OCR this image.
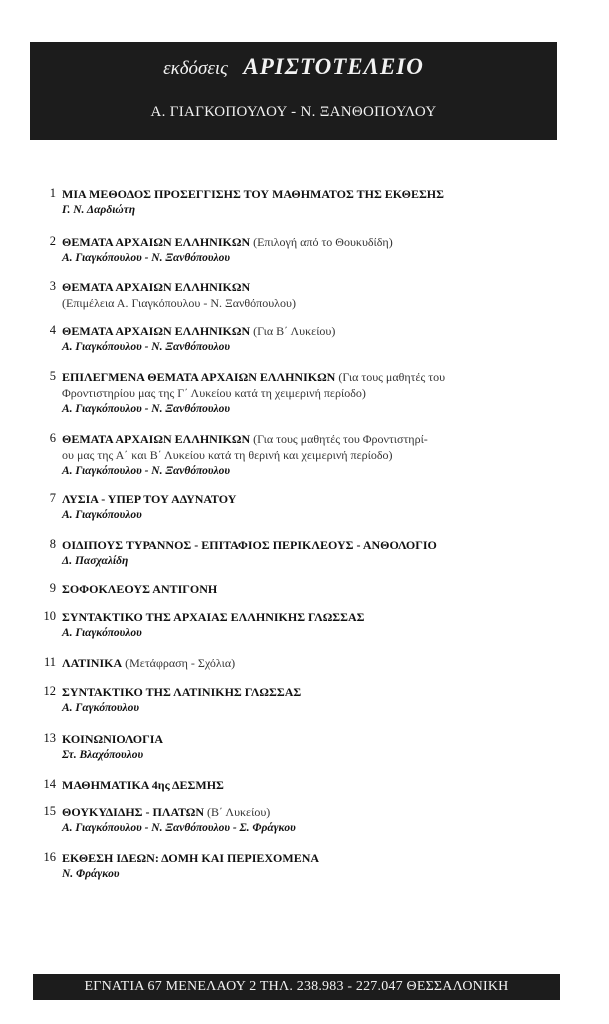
εκδόσεις ΑΡΙΣΤΟΤΕΛΕΙΟ
Α. ΓΙΑΓΚΟΠΟΥΛΟΥ - Ν. ΞΑΝΘΟΠΟΥΛΟΥ
1 ΜΙΑ ΜΕΘΟΔΟΣ ΠΡΟΣΕΓΓΙΣΗΣ ΤΟΥ ΜΑΘΗΜΑΤΟΣ ΤΗΣ ΕΚΘΕΣΗΣ
Γ. Ν. Δαρδιώτη
2 ΘΕΜΑΤΑ ΑΡΧΑΙΩΝ ΕΛΛΗΝΙΚΩΝ (Επιλογή από το Θουκυδίδη)
Α. Γιαγκόπουλου - Ν. Ξανθόπουλου
3 ΘΕΜΑΤΑ ΑΡΧΑΙΩΝ ΕΛΛΗΝΙΚΩΝ
(Επιμέλεια Α. Γιαγκόπουλου - Ν. Ξανθόπουλου)
4 ΘΕΜΑΤΑ ΑΡΧΑΙΩΝ ΕΛΛΗΝΙΚΩΝ (Για Β΄ Λυκείου)
Α. Γιαγκόπουλου - Ν. Ξανθόπουλου
5 ΕΠΙΛΕΓΜΕΝΑ ΘΕΜΑΤΑ ΑΡΧΑΙΩΝ ΕΛΛΗΝΙΚΩΝ (Για τους μαθητές του
Φροντιστηρίου μας της Γ΄ Λυκείου κατά τη χειμερινή περίοδο)
Α. Γιαγκόπουλου - Ν. Ξανθόπουλου
6 ΘΕΜΑΤΑ ΑΡΧΑΙΩΝ ΕΛΛΗΝΙΚΩΝ (Για τους μαθητές του Φροντιστηρί-
ου μας της Α΄ και Β΄ Λυκείου κατά τη θερινή και χειμερινή περίοδο)
Α. Γιαγκόπουλου - Ν. Ξανθόπουλου
7 ΛΥΣΙΑ - ΥΠΕΡ ΤΟΥ ΑΔΥΝΑΤΟΥ
Α. Γιαγκόπουλου
8 ΟΙΔΙΠΟΥΣ ΤΥΡΑΝΝΟΣ - ΕΠΙΤΑΦΙΟΣ ΠΕΡΙΚΛΕΟΥΣ - ΑΝΘΟΛΟΓΙΟ
Δ. Πασχαλίδη
9 ΣΟΦΟΚΛΕΟΥΣ ΑΝΤΙΓΟΝΗ
10 ΣΥΝΤΑΚΤΙΚΟ ΤΗΣ ΑΡΧΑΙΑΣ ΕΛΛΗΝΙΚΗΣ ΓΛΩΣΣΑΣ
Α. Γιαγκόπουλου
11 ΛΑΤΙΝΙΚΑ (Μετάφραση - Σχόλια)
12 ΣΥΝΤΑΚΤΙΚΟ ΤΗΣ ΛΑΤΙΝΙΚΗΣ ΓΛΩΣΣΑΣ
Α. Γαγκόπουλου
13 ΚΟΙΝΩΝΙΟΛΟΓΙΑ
Στ. Βλαχόπουλου
14 ΜΑΘΗΜΑΤΙΚΑ 4ης ΔΕΣΜΗΣ
15 ΘΟΥΚΥΔΙΔΗΣ - ΠΛΑΤΩΝ (Β΄ Λυκείου)
Α. Γιαγκόπουλου - Ν. Ξανθόπουλου - Σ. Φράγκου
16 ΕΚΘΕΣΗ ΙΔΕΩΝ: ΔΟΜΗ ΚΑΙ ΠΕΡΙΕΧΟΜΕΝΑ
Ν. Φράγκου
ΕΓΝΑΤΙΑ 67 ΜΕΝΕΛΑΟΥ 2 ΤΗΛ. 238.983 - 227.047 ΘΕΣΣΑΛΟΝΙΚΗ
